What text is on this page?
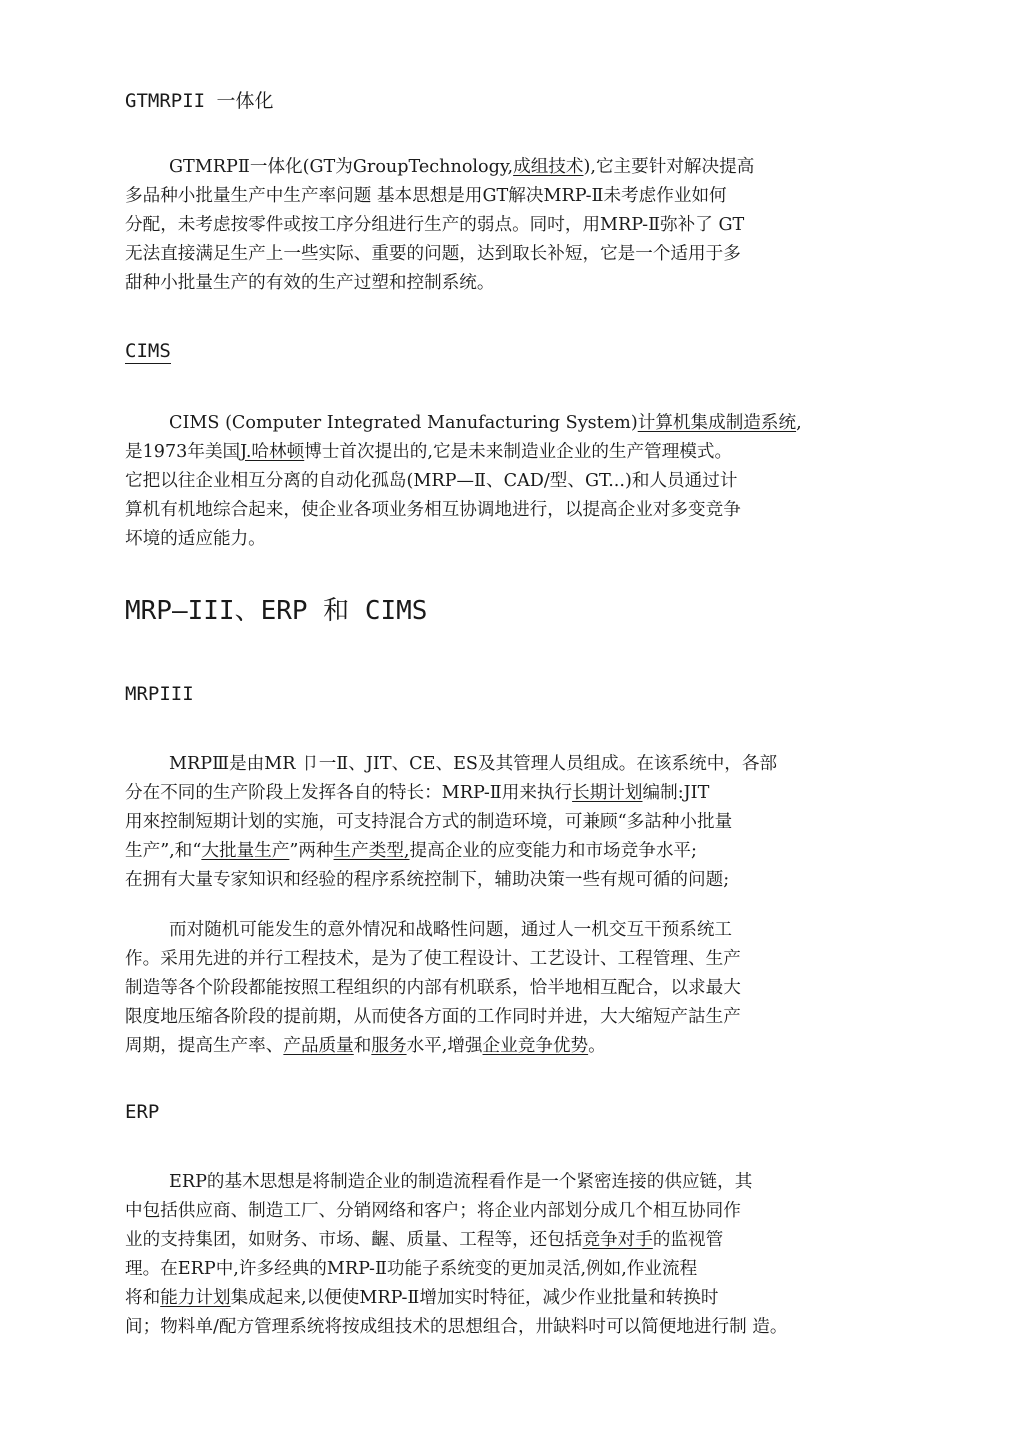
GTMRPII 一体化
GTMRPⅡ一体化(GT为GroupTechnology,成组技术),它主要针对解决提高
多品种小批量生产中生产率问题 基本思想是用GT解决MRP-Ⅱ未考虑作业如何
分配，未考虑按零件或按工序分组进行生产的弱点。同吋，用MRP-Ⅱ弥补了 GT
无法直接满足生产上一些实际、重要的问题，达到取长补短，它是一个适用于多
甜种小批量生产的有效的生产过塑和控制系统。
CIMS
CIMS (Computer Integrated Manufacturing System)计算机集成制造系统,
是1973年美国J.哈林顿博士首次提出的,它是未来制造业企业的生产管理模式。
它把以往企业相互分离的自动化孤岛(MRP—Ⅱ、CAD/型、GT...)和人员通过计
算机有机地综合起来，使企业各项业务相互协调地进行，以提高企业对多变竞争
坏境的适应能力。
MRP—III、ERP 和 CIMS
MRPIII
MRPⅢ是由MR 卩一Ⅱ、JIT、CE、ES及其管理人员组成。在该系统中，各部
分在不同的生产阶段上发挥各自的特长：MRP-Ⅱ用来执行长期计划编制:JIT
用來控制短期计划的实施，可支持混合方式的制造环境，可兼顾“多詁种小批量
生产”,和“大批量生产”两种生产类型,提高企业的应变能力和市场竞争水平;
在拥有大量专家知识和经验的程序系统控制下，辅助决策一些有规可循的问题;
而对随机可能发生的意外情况和战略性问题，通过人一机交互干预系统工
作。采用先进的并行工程技术，是为了使工程设计、工艺设计、工程管理、生产
制造等各个阶段都能按照工程组织的内部有机联系，恰半地相互配合，以求最大
限度地压缩各阶段的提前期，从而使各方面的工作同时并进，大大缩短产詁生产
周期，提高生产率、产品质量和服务水平,增强企业竞争优势。
ERP
ERP的基木思想是将制造企业的制造流程看作是一个紧密连接的供应链，其
中包括供应商、制造工厂、分销网络和客户；将企业内部划分成几个相互协同作
业的支持集团，如财务、市场、齷、质量、工程等，还包括竞争对手的监视管
理。在ERP中,许多经典的MRP-Ⅱ功能子系统变的更加灵活,例如,作业流程
将和能力计划集成起来,以便使MRP-Ⅱ增加实时特征，减少作业批量和转换时
间；物料单/配方管理系统将按成组技术的思想组合，卅缺料吋可以简便地进行制 造。
